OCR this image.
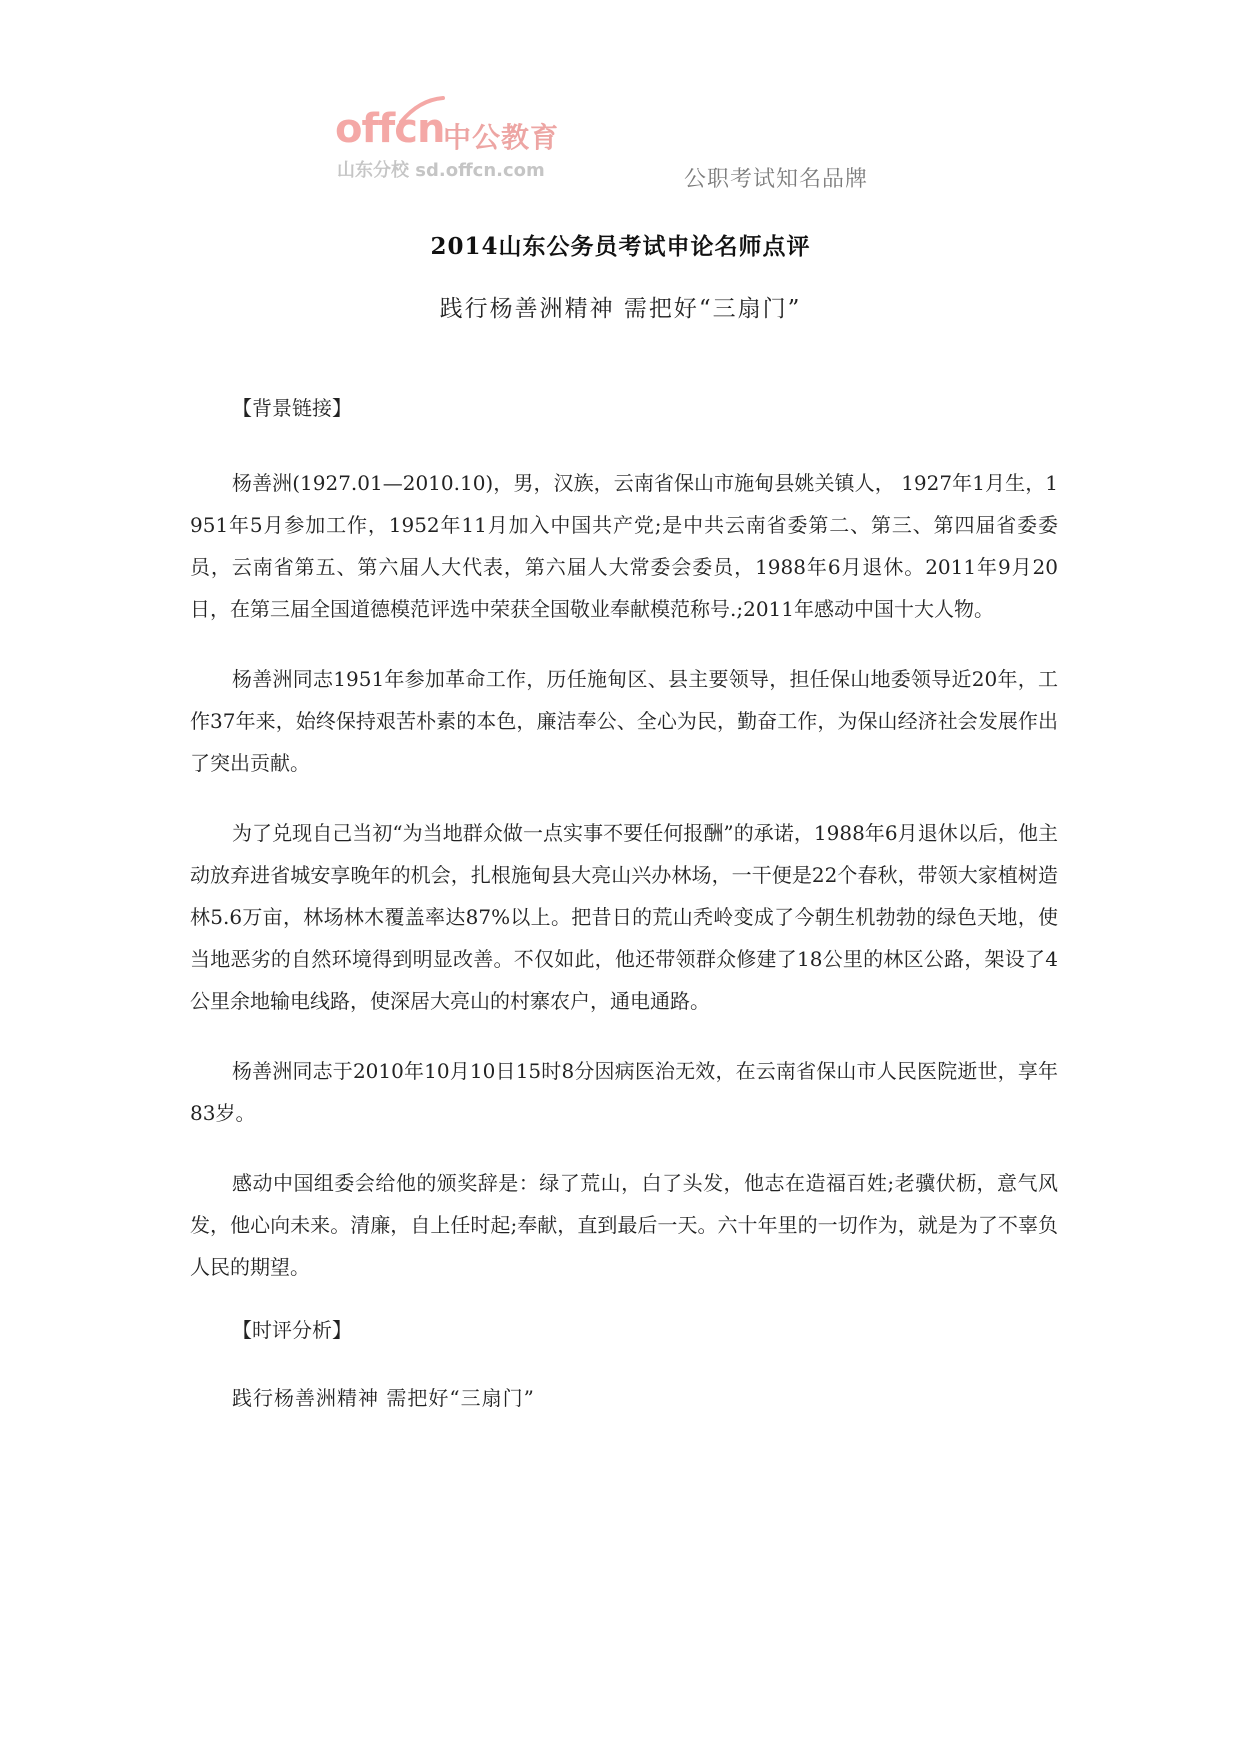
offcn
中公教育
山东分校 sd.offcn.com	公职考试知名品牌
2014山东公务员考试申论名师点评
践行杨善洲精神 需把好“三扇门”
【背景链接】

杨善洲(1927.01—2010.10)，男，汉族，云南省保山市施甸县姚关镇人， 1927年1月生，1951年5月参加工作，1952年11月加入中国共产党;是中共云南省委第二、第三、第四届省委委员，云南省第五、第六届人大代表，第六届人大常委会委员，1988年6月退休。2011年9月20日，在第三届全国道德模范评选中荣获全国敬业奉献模范称号.;2011年感动中国十大人物。

杨善洲同志1951年参加革命工作，历任施甸区、县主要领导，担任保山地委领导近20年，工作37年来，始终保持艰苦朴素的本色，廉洁奉公、全心为民，勤奋工作，为保山经济社会发展作出了突出贡献。

为了兑现自己当初“为当地群众做一点实事不要任何报酬”的承诺，1988年6月退休以后，他主动放弃进省城安享晚年的机会，扎根施甸县大亮山兴办林场，一干便是22个春秋，带领大家植树造林5.6万亩，林场林木覆盖率达87%以上。把昔日的荒山秃岭变成了今朝生机勃勃的绿色天地，使当地恶劣的自然环境得到明显改善。不仅如此，他还带领群众修建了18公里的林区公路，架设了4公里余地输电线路，使深居大亮山的村寨农户，通电通路。

杨善洲同志于2010年10月10日15时8分因病医治无效，在云南省保山市人民医院逝世，享年83岁。

感动中国组委会给他的颁奖辞是：绿了荒山，白了头发，他志在造福百姓;老骥伏枥，意气风发，他心向未来。清廉，自上任时起;奉献，直到最后一天。六十年里的一切作为，就是为了不辜负人民的期望。

【时评分析】
践行杨善洲精神 需把好“三扇门”
